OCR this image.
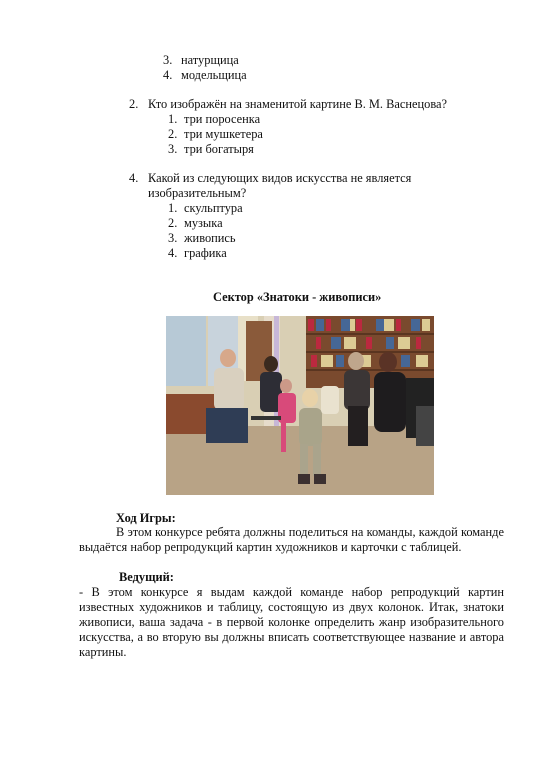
3. натурщица
4. модельщица
2. Кто изображён на знаменитой картине В. М. Васнецова?
1. три поросенка
2. три мушкетера
3. три богатыря
4. Какой из следующих видов искусства не является
изобразительным?
1. скульптура
2. музыка
3. живопись
4. графика
Сектор «Знатоки - живописи»
Ход Игры:
В этом конкурсе ребята должны поделиться на команды, каждой команде выдаётся набор репродукций картин художников и карточки с таблицей.
Ведущий:
- В этом конкурсе я выдам каждой команде набор репродукций картин известных художников и таблицу, состоящую из двух колонок. Итак, знатоки живописи, ваша задача - в первой колонке определить жанр изобразительного искусства, а во вторую вы должны вписать соответствующее название и автора картины.
